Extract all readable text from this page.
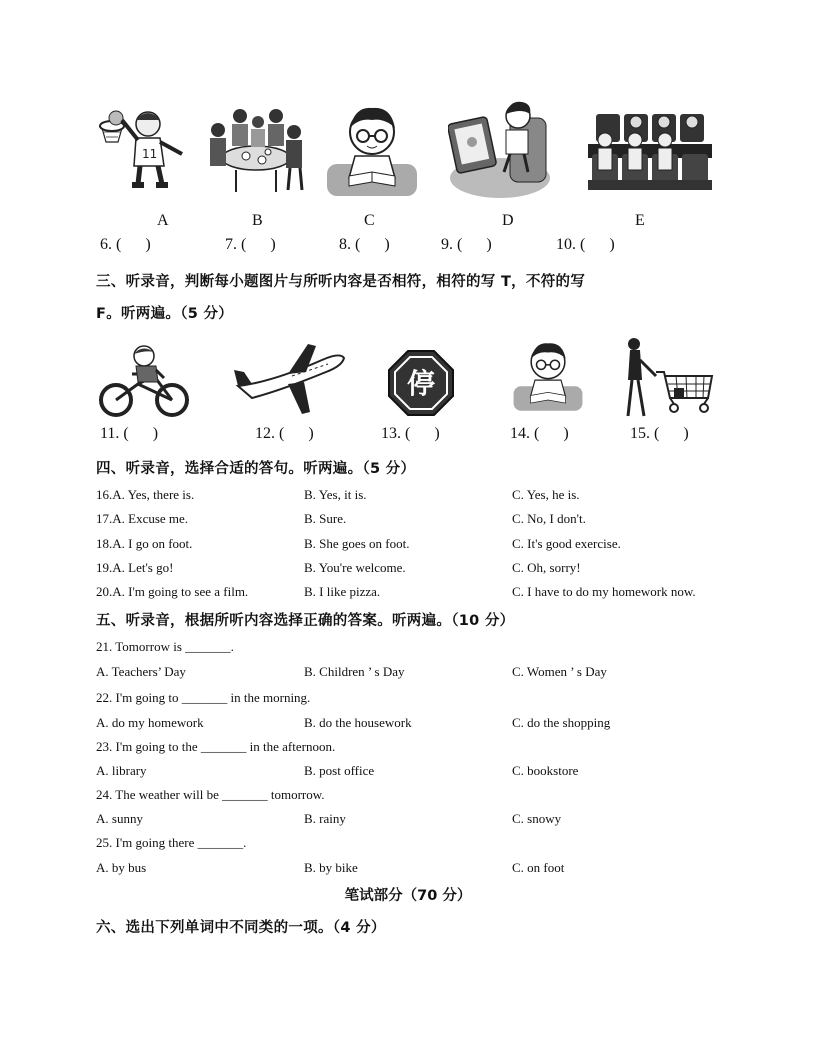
11
A	B	C	D	E
6. (      )	7. (      )	8. (      )	9. (      )	10. (      )
三、听录音，判断每小题图片与所听内容是否相符，相符的写 T，不符的写
F。听两遍。（5 分）
停
11. (      )	12. (      )	13. (      )	14. (      )	15. (      )
四、听录音，选择合适的答句。听两遍。（5 分）
16.A. Yes, there is.	B. Yes, it is.	C. Yes, he is.
17.A. Excuse me.	B. Sure.	C. No, I don't.
18.A. I go on foot.	B. She goes on foot.	C. It's good exercise.
19.A. Let's go!	B. You're welcome.	C. Oh, sorry!
20.A. I'm going to see a film.	B. I like pizza.	C. I have to do my homework now.
五、听录音，根据所听内容选择正确的答案。听两遍。（10 分）
21. Tomorrow is _______.
A. Teachers’ Day	B. Children ’ s Day	C. Women ’ s Day
22. I'm going to _______ in the morning.
A. do my homework	B. do the housework	C. do the shopping
23. I'm going to the _______ in the afternoon.
A. library	B. post office	C. bookstore
24. The weather will be _______ tomorrow.
A. sunny	B. rainy	C. snowy
25. I'm going there _______.
A. by bus	B. by bike	C. on foot
笔试部分（70 分）
六、选出下列单词中不同类的一项。（4 分）
